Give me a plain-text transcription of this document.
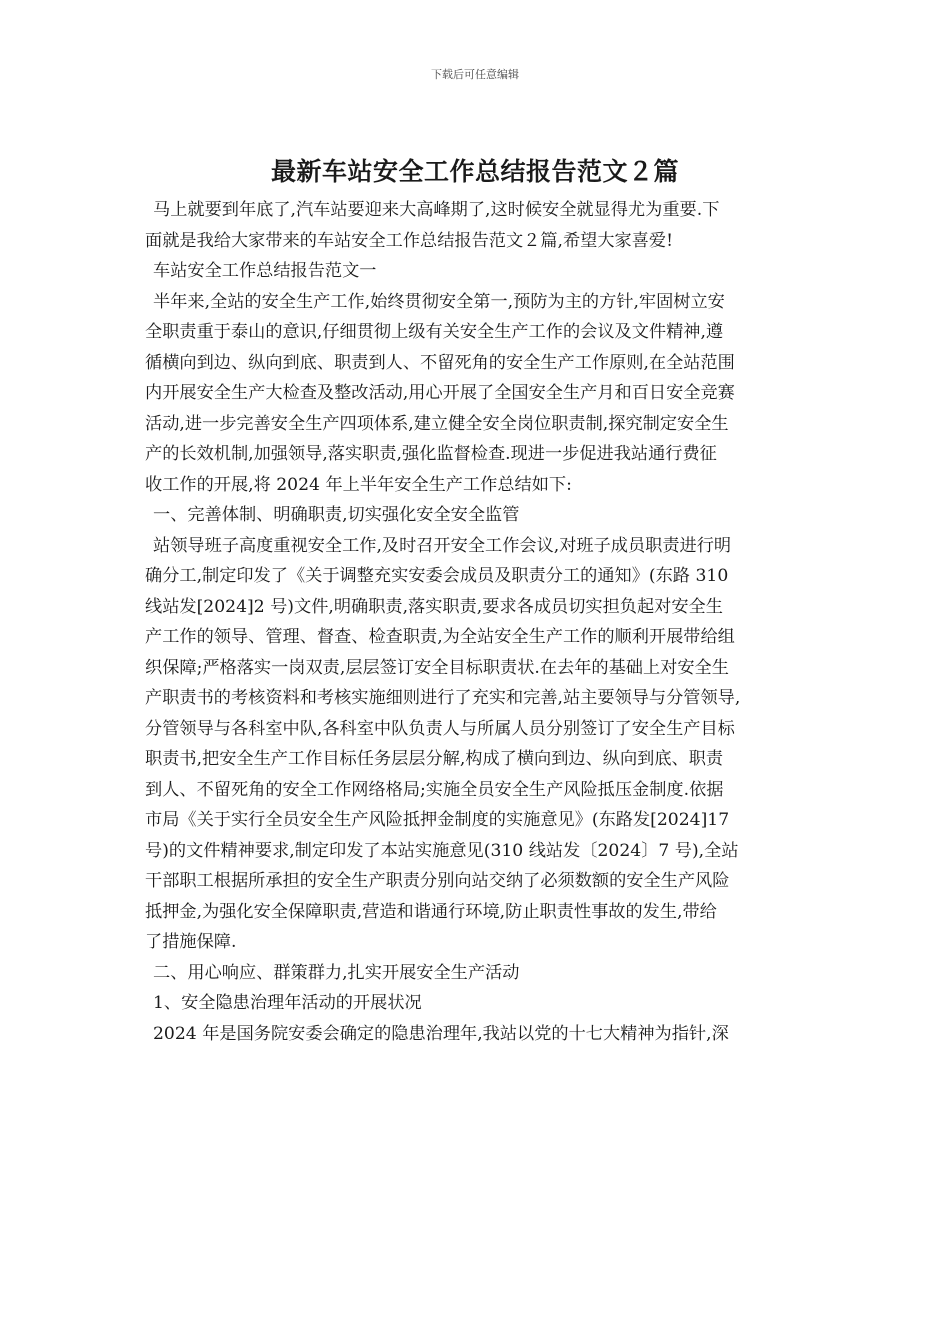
下载后可任意编辑
最新车站安全工作总结报告范文２篇
马上就要到年底了,汽车站要迎来大高峰期了,这时候安全就显得尤为重要.下
面就是我给大家带来的车站安全工作总结报告范文２篇,希望大家喜爱!
车站安全工作总结报告范文一
半年来,全站的安全生产工作,始终贯彻安全第一,预防为主的方针,牢固树立安
全职责重于泰山的意识,仔细贯彻上级有关安全生产工作的会议及文件精神,遵
循横向到边、纵向到底、职责到人、不留死角的安全生产工作原则,在全站范围
内开展安全生产大检查及整改活动,用心开展了全国安全生产月和百日安全竞赛
活动,进一步完善安全生产四项体系,建立健全安全岗位职责制,探究制定安全生
产的长效机制,加强领导,落实职责,强化监督检查.现进一步促进我站通行费征
收工作的开展,将 2024 年上半年安全生产工作总结如下:
一、完善体制、明确职责,切实强化安全安全监管
站领导班子高度重视安全工作,及时召开安全工作会议,对班子成员职责进行明
确分工,制定印发了《关于调整充实安委会成员及职责分工的通知》(东路 310
线站发[2024]2 号)文件,明确职责,落实职责,要求各成员切实担负起对安全生
产工作的领导、管理、督查、检查职责,为全站安全生产工作的顺利开展带给组
织保障;严格落实一岗双责,层层签订安全目标职责状.在去年的基础上对安全生
产职责书的考核资料和考核实施细则进行了充实和完善,站主要领导与分管领导,
分管领导与各科室中队,各科室中队负责人与所属人员分别签订了安全生产目标
职责书,把安全生产工作目标任务层层分解,构成了横向到边、纵向到底、职责
到人、不留死角的安全工作网络格局;实施全员安全生产风险抵压金制度.依据
市局《关于实行全员安全生产风险抵押金制度的实施意见》(东路发[2024]17
号)的文件精神要求,制定印发了本站实施意见(310 线站发〔2024〕7 号),全站
干部职工根据所承担的安全生产职责分别向站交纳了必须数额的安全生产风险
抵押金,为强化安全保障职责,营造和谐通行环境,防止职责性事故的发生,带给
了措施保障.
二、用心响应、群策群力,扎实开展安全生产活动
1、安全隐患治理年活动的开展状况
2024 年是国务院安委会确定的隐患治理年,我站以党的十七大精神为指针,深
